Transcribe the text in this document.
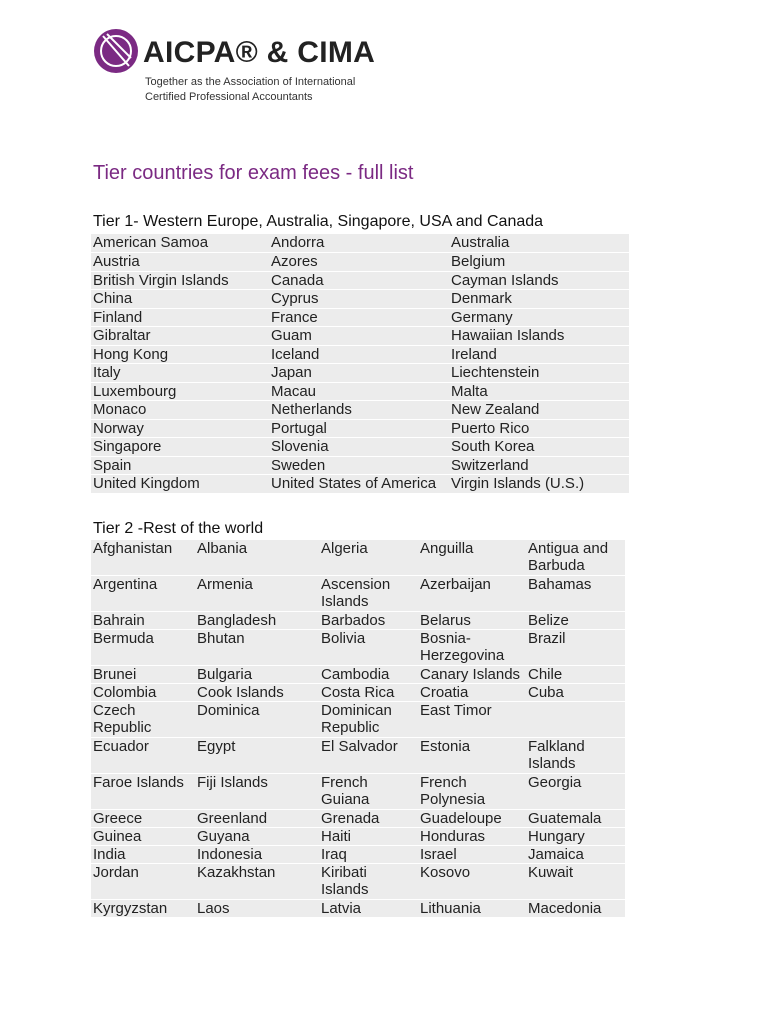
AICPA® & CIMA
Together as the Association of International
Certified Professional Accountants
Tier countries for exam fees - full list
Tier 1- Western Europe, Australia, Singapore, USA and Canada
American Samoa	Andorra	Australia
Austria	Azores	Belgium
British Virgin Islands	Canada	Cayman Islands
China	Cyprus	Denmark
Finland	France	Germany
Gibraltar	Guam	Hawaiian Islands
Hong Kong	Iceland	Ireland
Italy	Japan	Liechtenstein
Luxembourg	Macau	Malta
Monaco	Netherlands	New Zealand
Norway	Portugal	Puerto Rico
Singapore	Slovenia	South Korea
Spain	Sweden	Switzerland
United Kingdom	United States of America	Virgin Islands (U.S.)
Tier 2 -Rest of the world
Afghanistan	Albania	Algeria	Anguilla	Antigua and Barbuda
Argentina	Armenia	Ascension Islands	Azerbaijan	Bahamas
Bahrain	Bangladesh	Barbados	Belarus	Belize
Bermuda	Bhutan	Bolivia	Bosnia-Herzegovina	Brazil
Brunei	Bulgaria	Cambodia	Canary Islands	Chile
Colombia	Cook Islands	Costa Rica	Croatia	Cuba
Czech Republic	Dominica	Dominican Republic	East Timor	
Ecuador	Egypt	El Salvador	Estonia	Falkland Islands
Faroe Islands	Fiji Islands	French Guiana	French Polynesia	Georgia
Greece	Greenland	Grenada	Guadeloupe	Guatemala
Guinea	Guyana	Haiti	Honduras	Hungary
India	Indonesia	Iraq	Israel	Jamaica
Jordan	Kazakhstan	Kiribati Islands	Kosovo	Kuwait
Kyrgyzstan	Laos	Latvia	Lithuania	Macedonia
